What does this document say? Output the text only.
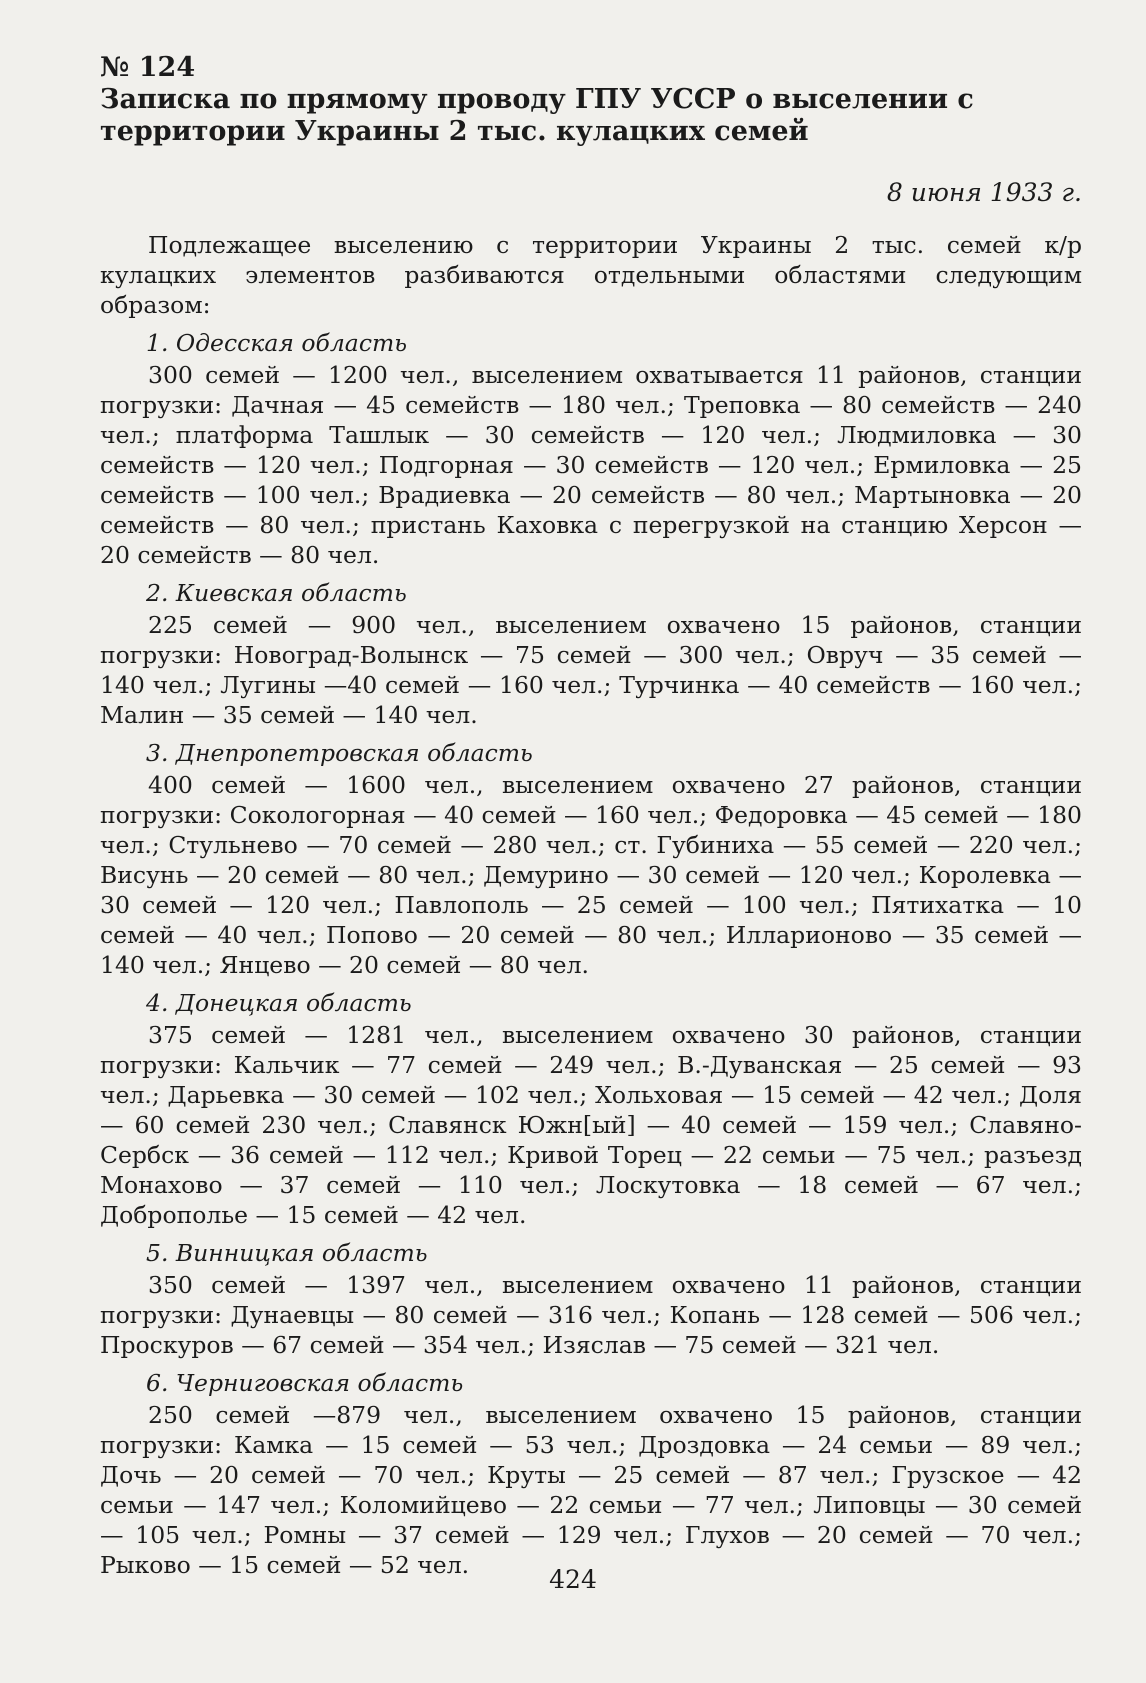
№ 124

Записка по прямому проводу ГПУ УССР о выселении с территории Украины 2 тыс. кулацких семей

8 июня 1933 г.

Подлежащее выселению с территории Украины 2 тыс. семей к/р кулацких элементов разбиваются отдельными областями следующим образом:

1. Одесская область

300 семей — 1200 чел., выселением охватывается 11 районов, станции погрузки: Дачная — 45 семейств — 180 чел.; Треповка — 80 семейств — 240 чел.; платформа Ташлык — 30 семейств — 120 чел.; Людмиловка — 30 семейств — 120 чел.; Подгорная — 30 семейств — 120 чел.; Ермиловка — 25 семейств — 100 чел.; Врадиевка — 20 семейств — 80 чел.; Мартыновка — 20 семейств — 80 чел.; пристань Каховка с перегрузкой на станцию Херсон — 20 семейств — 80 чел.

2. Киевская область

225 семей — 900 чел., выселением охвачено 15 районов, станции погрузки: Новоград-Волынск — 75 семей — 300 чел.; Овруч — 35 семей — 140 чел.; Лугины —40 семей — 160 чел.; Турчинка — 40 семейств — 160 чел.; Малин — 35 семей — 140 чел.

3. Днепропетровская область

400 семей — 1600 чел., выселением охвачено 27 районов, станции погрузки: Сокологорная — 40 семей — 160 чел.; Федоровка — 45 семей — 180 чел.; Стульнево — 70 семей — 280 чел.; ст. Губиниха — 55 семей — 220 чел.; Висунь — 20 семей — 80 чел.; Демурино — 30 семей — 120 чел.; Королевка — 30 семей — 120 чел.; Павлополь — 25 семей — 100 чел.; Пятихатка — 10 семей — 40 чел.; Попово — 20 семей — 80 чел.; Илларионово — 35 семей — 140 чел.; Янцево — 20 семей — 80 чел.

4. Донецкая область

375 семей — 1281 чел., выселением охвачено 30 районов, станции погрузки: Кальчик — 77 семей — 249 чел.; В.-Дуванская — 25 семей — 93 чел.; Дарьевка — 30 семей — 102 чел.; Хольховая — 15 семей — 42 чел.; Доля — 60 семей 230 чел.; Славянск Южн[ый] — 40 семей — 159 чел.; Славяно-Сербск — 36 семей — 112 чел.; Кривой Торец — 22 семьи — 75 чел.; разъезд Монахово — 37 семей — 110 чел.; Лоскутовка — 18 семей — 67 чел.; Доброполье — 15 семей — 42 чел.

5. Винницкая область

350 семей — 1397 чел., выселением охвачено 11 районов, станции погрузки: Дунаевцы — 80 семей — 316 чел.; Копань — 128 семей — 506 чел.; Проскуров — 67 семей — 354 чел.; Изяслав — 75 семей — 321 чел.

6. Черниговская область

250 семей —879 чел., выселением охвачено 15 районов, станции погрузки: Камка — 15 семей — 53 чел.; Дроздовка — 24 семьи — 89 чел.; Дочь — 20 семей — 70 чел.; Круты — 25 семей — 87 чел.; Грузское — 42 семьи — 147 чел.; Коломийцево — 22 семьи — 77 чел.; Липовцы — 30 семей — 105 чел.; Ромны — 37 семей — 129 чел.; Глухов — 20 семей — 70 чел.; Рыково — 15 семей — 52 чел.	424
